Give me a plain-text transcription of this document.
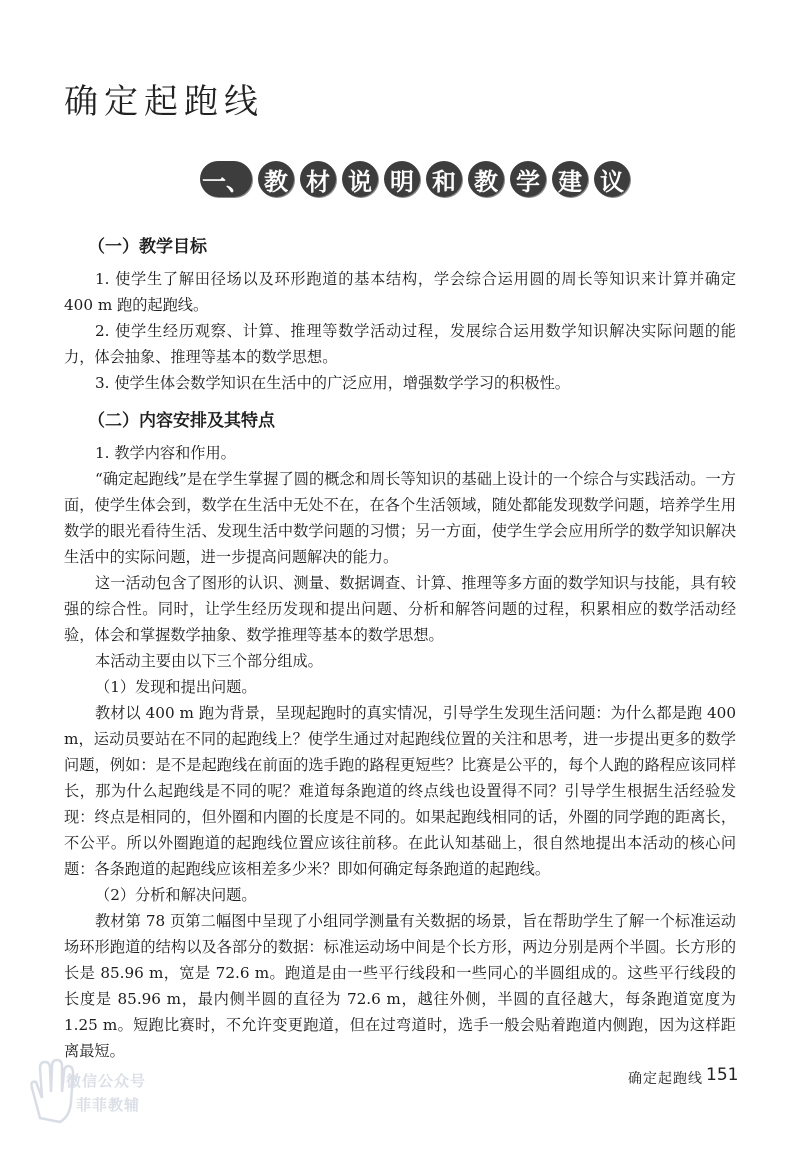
确定起跑线
一、 教 材 说 明 和 教 学 建 议
（一）教学目标

1. 使学生了解田径场以及环形跑道的基本结构，学会综合运用圆的周长等知识来计算并确定 400 m 跑的起跑线。

2. 使学生经历观察、计算、推理等数学活动过程，发展综合运用数学知识解决实际问题的能力，体会抽象、推理等基本的数学思想。

3. 使学生体会数学知识在生活中的广泛应用，增强数学学习的积极性。

（二）内容安排及其特点

1. 教学内容和作用。

“确定起跑线”是在学生掌握了圆的概念和周长等知识的基础上设计的一个综合与实践活动。一方面，使学生体会到，数学在生活中无处不在，在各个生活领域，随处都能发现数学问题，培养学生用数学的眼光看待生活、发现生活中数学问题的习惯；另一方面，使学生学会应用所学的数学知识解决生活中的实际问题，进一步提高问题解决的能力。

这一活动包含了图形的认识、测量、数据调查、计算、推理等多方面的数学知识与技能，具有较强的综合性。同时，让学生经历发现和提出问题、分析和解答问题的过程，积累相应的数学活动经验，体会和掌握数学抽象、数学推理等基本的数学思想。

本活动主要由以下三个部分组成。

（1）发现和提出问题。

教材以 400 m 跑为背景，呈现起跑时的真实情况，引导学生发现生活问题：为什么都是跑 400 m，运动员要站在不同的起跑线上？使学生通过对起跑线位置的关注和思考，进一步提出更多的数学问题，例如：是不是起跑线在前面的选手跑的路程更短些？比赛是公平的，每个人跑的路程应该同样长，那为什么起跑线是不同的呢？难道每条跑道的终点线也设置得不同？引导学生根据生活经验发现：终点是相同的，但外圈和内圈的长度是不同的。如果起跑线相同的话，外圈的同学跑的距离长，不公平。所以外圈跑道的起跑线位置应该往前移。在此认知基础上，很自然地提出本活动的核心问题：各条跑道的起跑线应该相差多少米？即如何确定每条跑道的起跑线。

（2）分析和解决问题。

教材第 78 页第二幅图中呈现了小组同学测量有关数据的场景，旨在帮助学生了解一个标准运动场环形跑道的结构以及各部分的数据：标准运动场中间是个长方形，两边分别是两个半圆。长方形的长是 85.96 m，宽是 72.6 m。跑道是由一些平行线段和一些同心的半圆组成的。这些平行线段的长度是 85.96 m，最内侧半圆的直径为 72.6 m，越往外侧，半圆的直径越大，每条跑道宽度为 1.25 m。短跑比赛时，不允许变更跑道，但在过弯道时，选手一般会贴着跑道内侧跑，因为这样距离最短。

微信公众号
菲菲教辅
确定起跑线 151
